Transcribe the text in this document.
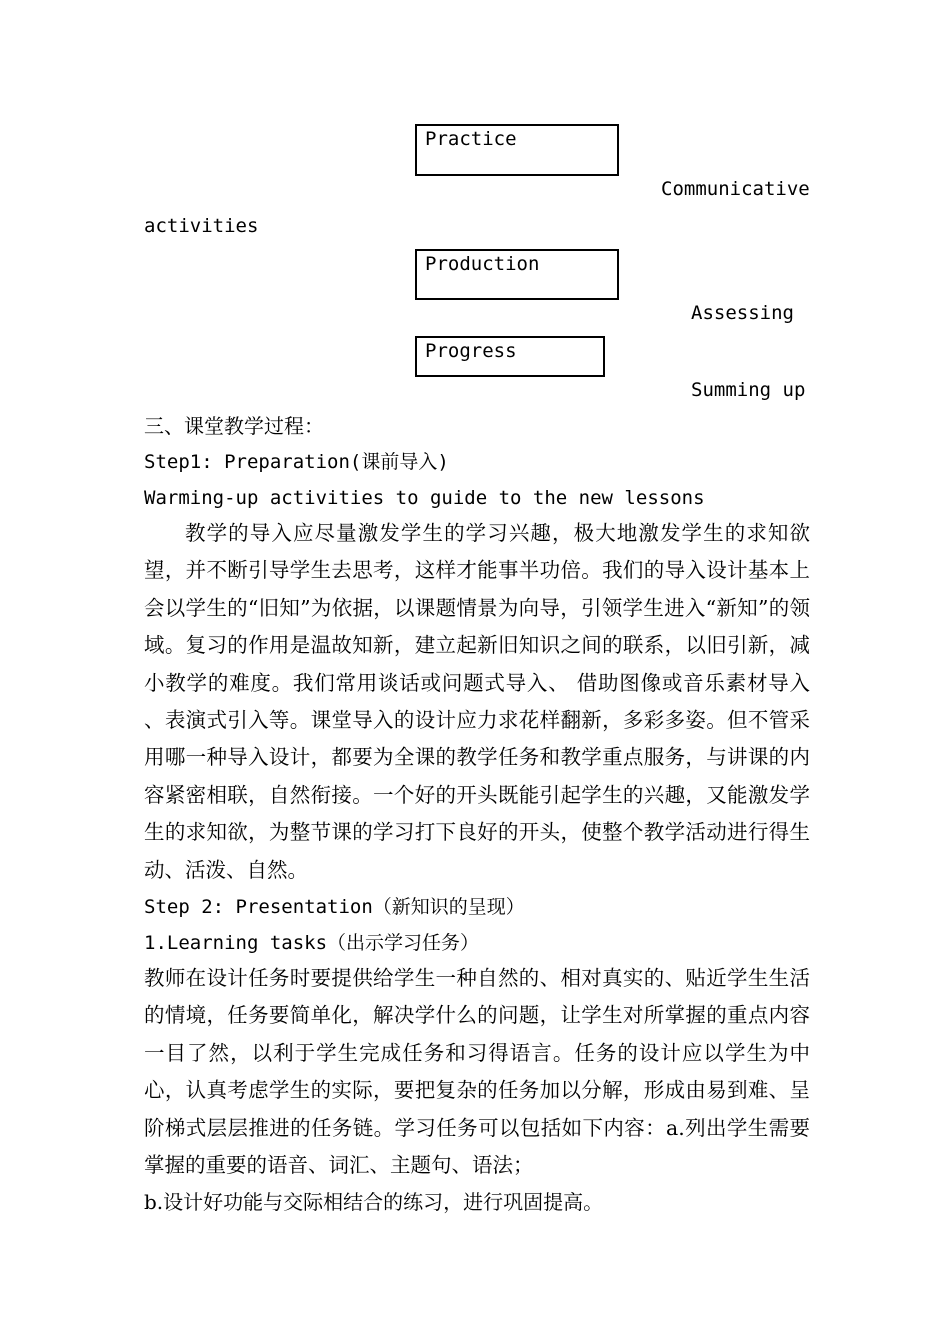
Practice
Communicative
activities
Production
Assessing
Progress
Summing up
三、课堂教学过程：
Step1: Preparation(课前导入)
Warming-up activities to guide to the new lessons
教学的导入应尽量激发学生的学习兴趣，极大地激发学生的求知欲望，并不断引导学生去思考，这样才能事半功倍。我们的导入设计基本上会以学生的“旧知”为依据，以课题情景为向导，引领学生进入“新知”的领域。复习的作用是温故知新，建立起新旧知识之间的联系，以旧引新，减小教学的难度。我们常用谈话或问题式导入、 借助图像或音乐素材导入 、表演式引入等。课堂导入的设计应力求花样翻新，多彩多姿。但不管采用哪一种导入设计，都要为全课的教学任务和教学重点服务，与讲课的内容紧密相联，自然衔接。一个好的开头既能引起学生的兴趣，又能激发学生的求知欲，为整节课的学习打下良好的开头，使整个教学活动进行得生动、活泼、自然。
Step 2: Presentation（新知识的呈现）
1.Learning tasks（出示学习任务）
教师在设计任务时要提供给学生一种自然的、相对真实的、贴近学生生活的情境，任务要简单化，解决学什么的问题，让学生对所掌握的重点内容一目了然，以利于学生完成任务和习得语言。任务的设计应以学生为中心，认真考虑学生的实际，要把复杂的任务加以分解，形成由易到难、呈阶梯式层层推进的任务链。学习任务可以包括如下内容：a.列出学生需要掌握的重要的语音、词汇、主题句、语法；
b.设计好功能与交际相结合的练习，进行巩固提高。
